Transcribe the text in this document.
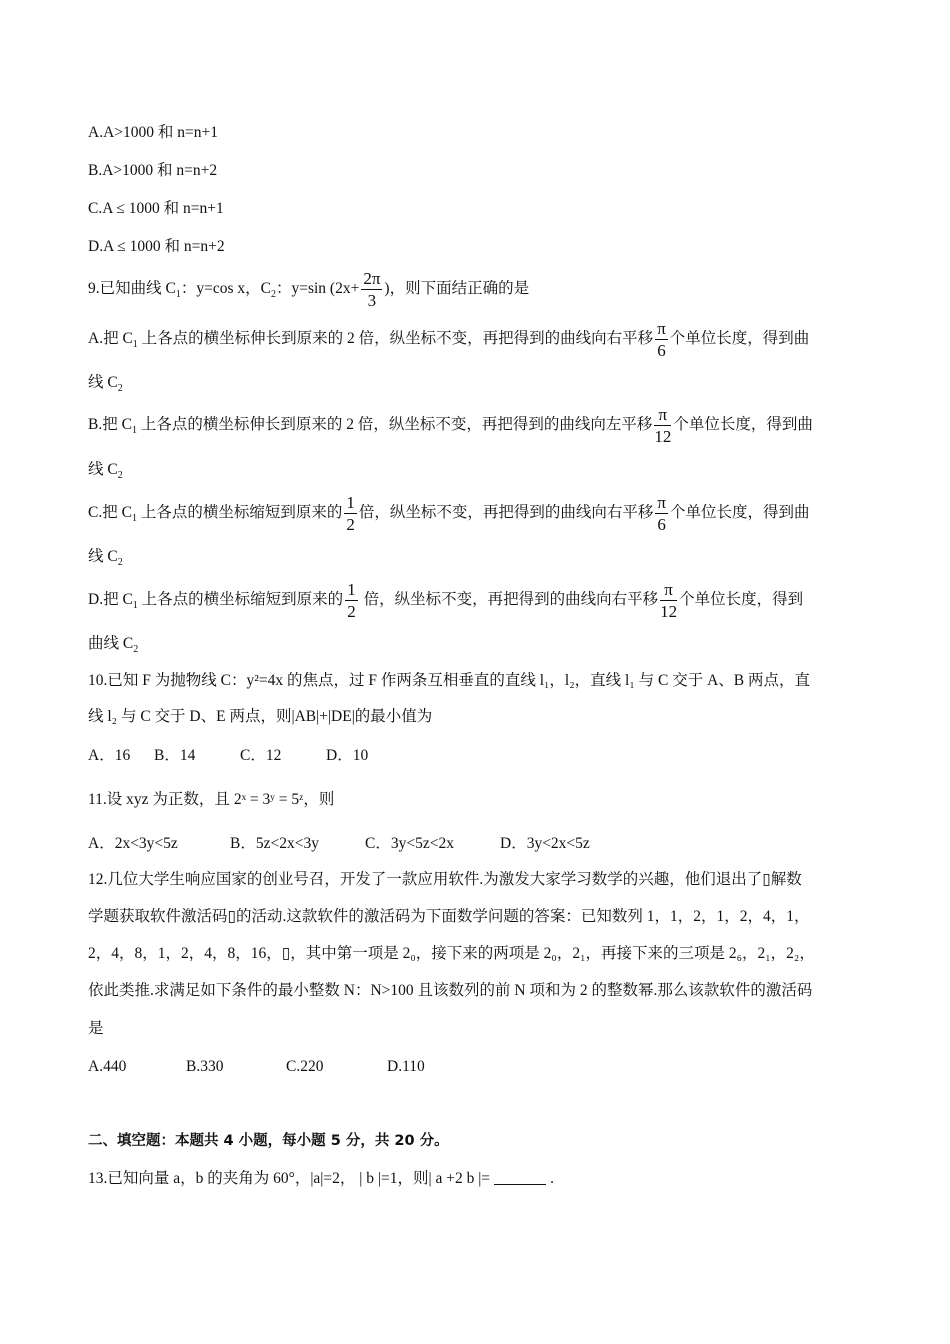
A.A>1000 和 n=n+1
B.A>1000 和 n=n+2
C.A ≤ 1000 和 n=n+1
D.A ≤ 1000 和 n=n+2
9.已知曲线 $C_1$：y=cos x，$C_2$：y=sin ($2x+ \frac{2\pi}{3}$ )，则下面结正确的是
A.把 $C_1$ 上各点的横坐标伸长到原来的 2 倍，纵坐标不变，再把得到的曲线向右平移 $\frac{\pi}{6}$ 个单位长度，得到曲
线 $C_2$
B.把 $C_1$ 上各点的横坐标伸长到原来的 2 倍，纵坐标不变，再把得到的曲线向左平移 $\frac{\pi}{12}$ 个单位长度，得到曲
线 $C_2$
C.把 $C_1$ 上各点的横坐标缩短到原来的 $\frac{1}{2}$ 倍，纵坐标不变，再把得到的曲线向右平移 $\frac{\pi}{6}$ 个单位长度，得到曲
线 $C_2$
D.把 $C_1$ 上各点的横坐标缩短到原来的 $\frac{1}{2}$ 倍，纵坐标不变，再把得到的曲线向右平移 $\frac{\pi}{12}$ 个单位长度，得到
曲线 $C_2$
10.已知 F 为抛物线 C：y²=4x 的焦点，过 F 作两条互相垂直的直线 l₁，l₂，直线 l₁ 与 C 交于 A、B 两点，直
线 l₂ 与 C 交于 D、E 两点，则|AB|+|DE|的最小值为
A．16 B．14	C．12	D．10
11.设 xyz 为正数，且 2ˣ = 3ʸ = 5ᶻ，则
A．2x<3y<5z	B．5z<2x<3y	C．3y<5z<2x	D．3y<2x<5z
12.几位大学生响应国家的创业号召，开发了一款应用软件.为激发大家学习数学的兴趣，他们退出了▯解数
学题获取软件激活码▯的活动.这款软件的激活码为下面数学问题的答案：已知数列 1，1，2，1，2，4，1，
2，4，8，1，2，4，8，16，▯，其中第一项是 2₀，接下来的两项是 2₀，2₁，再接下来的三项是 2₆，2₁，2₂，
依此类推.求满足如下条件的最小整数 N：N>100 且该数列的前 N 项和为 2 的整数幂.那么该款软件的激活码
是
A.440	B.330	C.220	D.110
二、填空题：本题共 4 小题，每小题 5 分，共 20 分。
13.已知向量 a，b 的夹角为 60°，|a|=2， | b |=1，则| a +2 b |=	.
